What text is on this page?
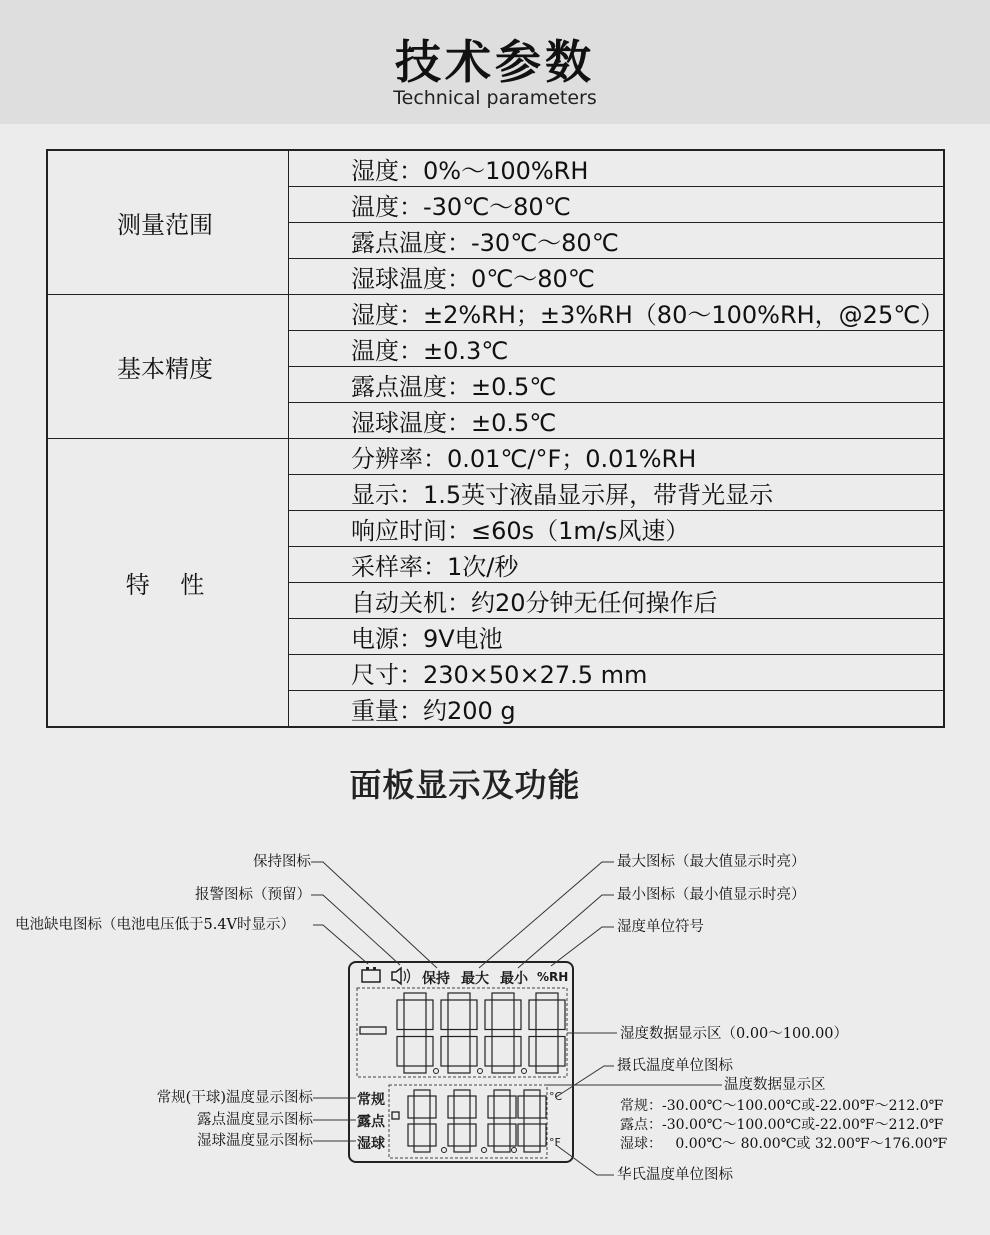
技术参数
Technical parameters
测量范围	湿度：0%～100%RH
	温度：-30℃～80℃
	露点温度：-30℃～80℃
	湿球温度：0℃～80℃
基本精度	湿度：±2%RH；±3%RH（80～100%RH，@25℃）
	温度：±0.3℃
	露点温度：±0.5℃
	湿球温度：±0.5℃
特    性	分辨率：0.01℃/°F；0.01%RH
	显示：1.5英寸液晶显示屏，带背光显示
	响应时间：≤60s（1m/s风速）
	采样率：1次/秒
	自动关机：约20分钟无任何操作后
	电源：9V电池
	尺寸：230×50×27.5 mm
	重量：约200 g
面板显示及功能
保持 最大 最小 %RH
常规
露点
湿球
°C
°F
保持图标
报警图标（预留）
电池缺电图标（电池电压低于5.4V时显示）
最大图标（最大值显示时亮）
最小图标（最小值显示时亮）
湿度单位符号
湿度数据显示区（0.00～100.00）
摄氏温度单位图标
温度数据显示区
常规：-30.00℃～100.00℃或-22.00℉～212.0℉
露点：-30.00℃～100.00℃或-22.00℉～212.0℉
湿球：   0.00℃～ 80.00℃或 32.00℉～176.00℉
华氏温度单位图标
常规(干球)温度显示图标
露点温度显示图标
湿球温度显示图标
